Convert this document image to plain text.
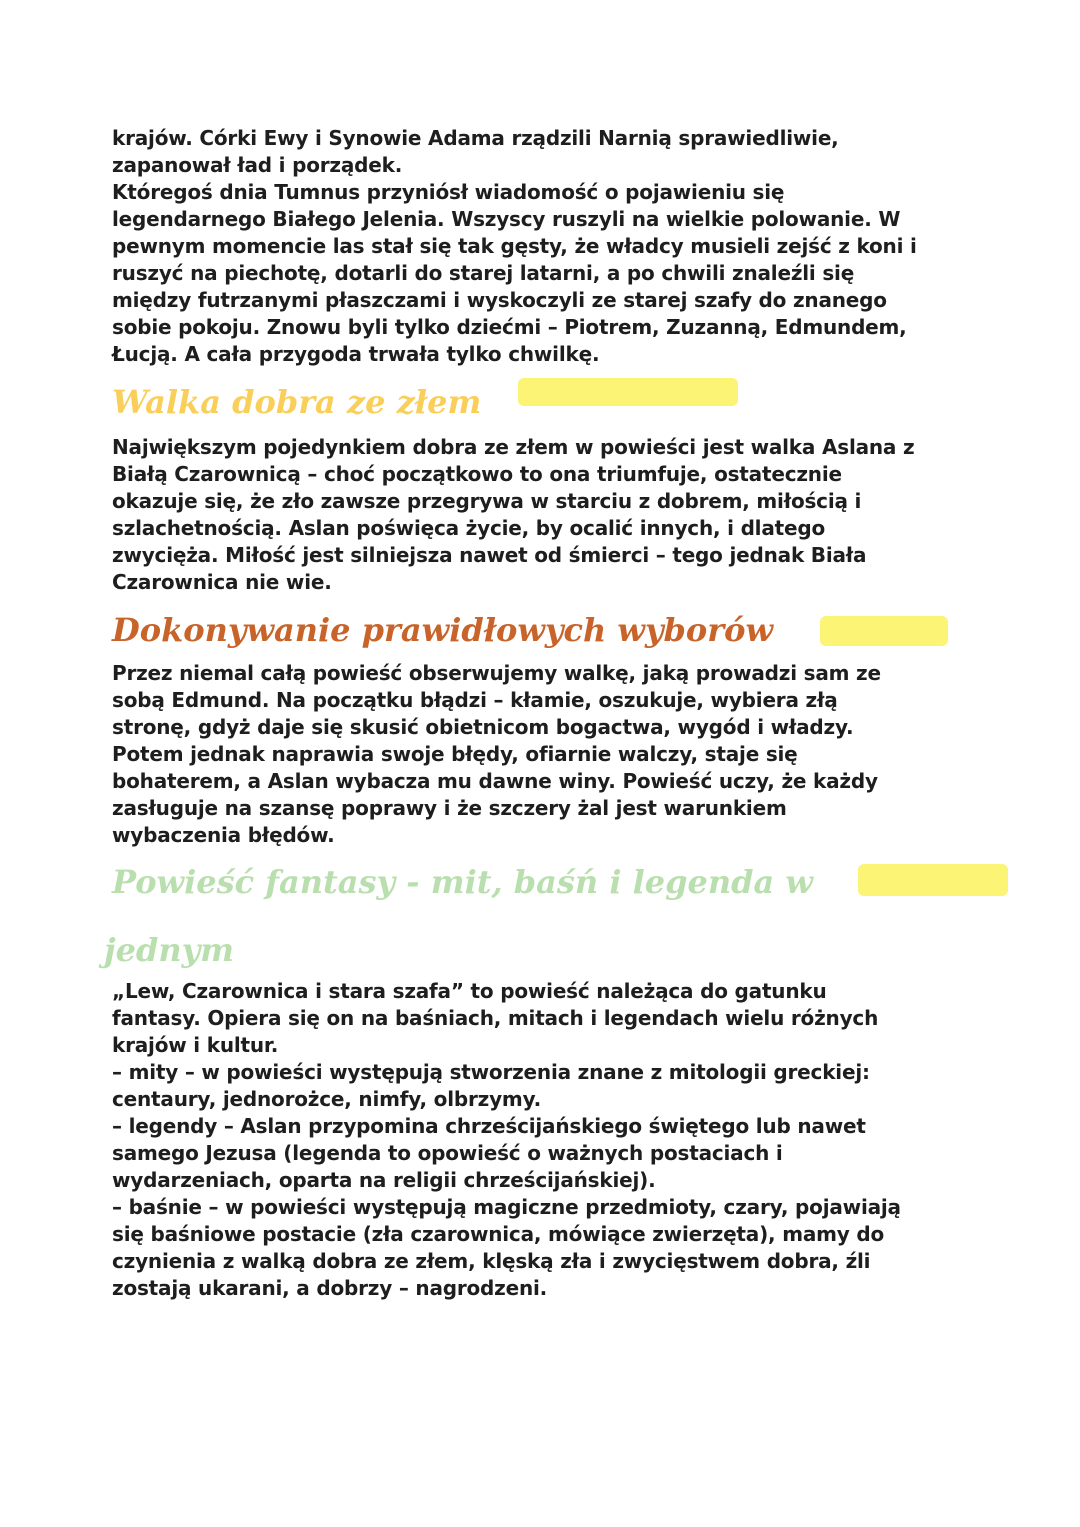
krajów. Córki Ewy i Synowie Adama rządzili Narnią sprawiedliwie,
zapanował ład i porządek.
Któregoś dnia Tumnus przyniósł wiadomość o pojawieniu się
legendarnego Białego Jelenia. Wszyscy ruszyli na wielkie polowanie. W
pewnym momencie las stał się tak gęsty, że władcy musieli zejść z koni i
ruszyć na piechotę, dotarli do starej latarni, a po chwili znaleźli się
między futrzanymi płaszczami i wyskoczyli ze starej szafy do znanego
sobie pokoju. Znowu byli tylko dziećmi – Piotrem, Zuzanną, Edmundem,
Łucją. A cała przygoda trwała tylko chwilkę.
Walka dobra ze złem
Największym pojedynkiem dobra ze złem w powieści jest walka Aslana z
Białą Czarownicą – choć początkowo to ona triumfuje, ostatecznie
okazuje się, że zło zawsze przegrywa w starciu z dobrem, miłością i
szlachetnością. Aslan poświęca życie, by ocalić innych, i dlatego
zwycięża. Miłość jest silniejsza nawet od śmierci – tego jednak Biała
Czarownica nie wie.
Dokonywanie prawidłowych wyborów
Przez niemal całą powieść obserwujemy walkę, jaką prowadzi sam ze
sobą Edmund. Na początku błądzi – kłamie, oszukuje, wybiera złą
stronę, gdyż daje się skusić obietnicom bogactwa, wygód i władzy.
Potem jednak naprawia swoje błędy, ofiarnie walczy, staje się
bohaterem, a Aslan wybacza mu dawne winy. Powieść uczy, że każdy
zasługuje na szansę poprawy i że szczery żal jest warunkiem
wybaczenia błędów.
Powieść fantasy - mit, baśń i legenda w
jednym
„Lew, Czarownica i stara szafa” to powieść należąca do gatunku
fantasy. Opiera się on na baśniach, mitach i legendach wielu różnych
krajów i kultur.
– mity – w powieści występują stworzenia znane z mitologii greckiej:
centaury, jednorożce, nimfy, olbrzymy.
– legendy – Aslan przypomina chrześcijańskiego świętego lub nawet
samego Jezusa (legenda to opowieść o ważnych postaciach i
wydarzeniach, oparta na religii chrześcijańskiej).
– baśnie – w powieści występują magiczne przedmioty, czary, pojawiają
się baśniowe postacie (zła czarownica, mówiące zwierzęta), mamy do
czynienia z walką dobra ze złem, klęską zła i zwycięstwem dobra, źli
zostają ukarani, a dobrzy – nagrodzeni.
